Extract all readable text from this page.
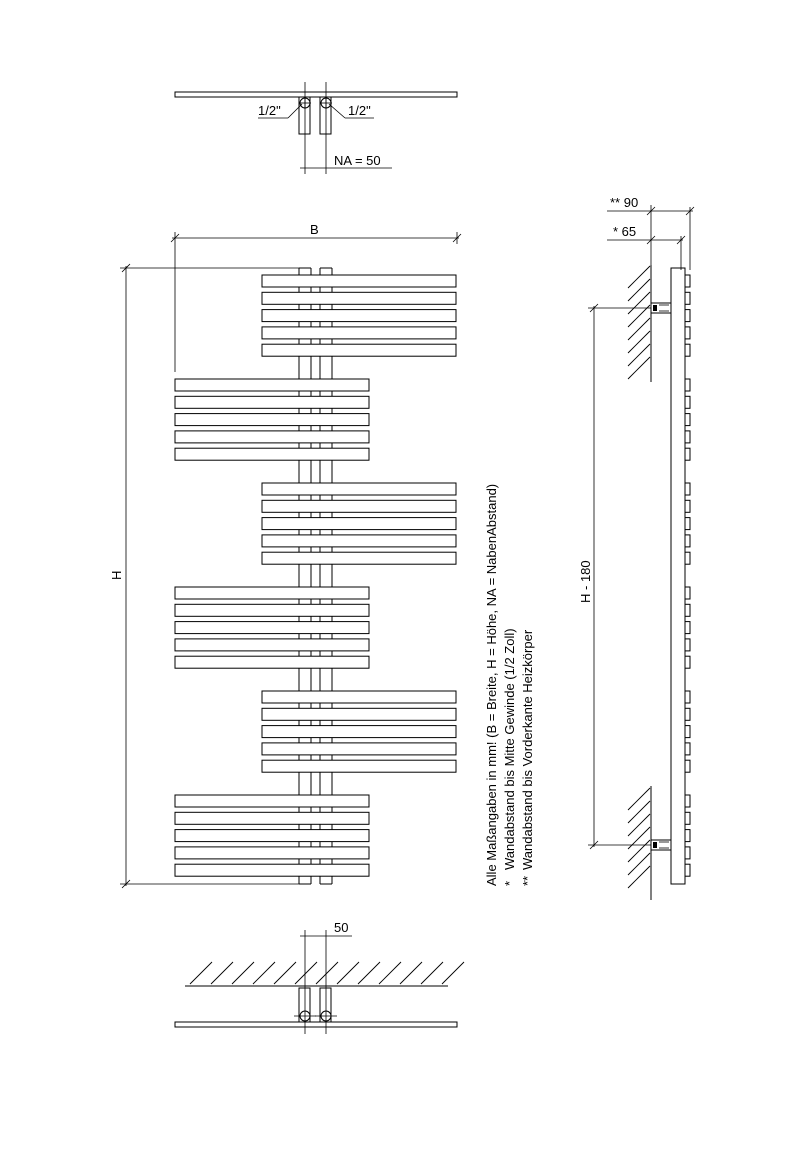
1/2"	1/2"
NA = 50
B
H
50
Alle Maßangaben in mm! (B = Breite, H = Höhe, NA = NabenAbstand) *
Wandabstand bis Mitte Gewinde (1/2 Zoll)
**
Wandabstand bis Vorderkante Heizkörper
** 90
* 65
H - 180
